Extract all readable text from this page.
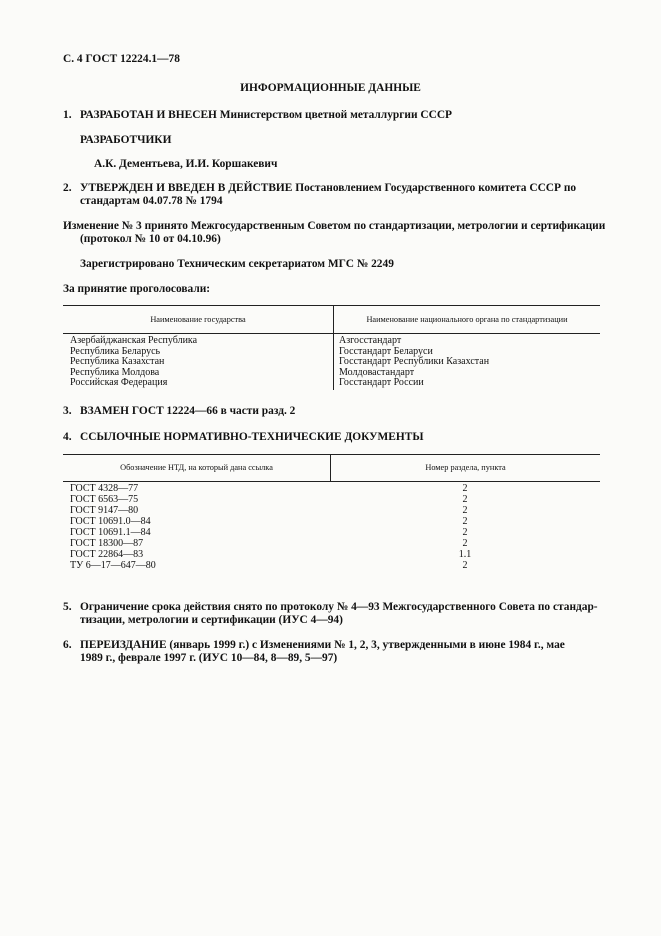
С. 4 ГОСТ 12224.1—78
ИНФОРМАЦИОННЫЕ ДАННЫЕ
1. РАЗРАБОТАН И ВНЕСЕН Министерством цветной металлургии СССР
РАЗРАБОТЧИКИ
А.К. Дементьева, И.И. Коршакевич
2. УТВЕРЖДЕН И ВВЕДЕН В ДЕЙСТВИЕ Постановлением Государственного комитета СССР по
стандартам 04.07.78 № 1794
Изменение № 3 принято Межгосударственным Советом по стандартизации, метрологии и сертификации
(протокол № 10 от 04.10.96)
Зарегистрировано Техническим секретариатом МГС № 2249
За принятие проголосовали:
Наименование государства	Наименование национального органа по стандартизации
Азербайджанская Республика
Республика Беларусь
Республика Казахстан
Республика Молдова
Российская Федерация
Азгосстандарт
Госстандарт Беларуси
Госстандарт Республики Казахстан
Молдовастандарт
Госстандарт России
3. ВЗАМЕН ГОСТ 12224—66 в части разд. 2
4. ССЫЛОЧНЫЕ НОРМАТИВНО-ТЕХНИЧЕСКИЕ ДОКУМЕНТЫ
Обозначение НТД, на который дана ссылка	Номер раздела, пункта
ГОСТ 4328—77
ГОСТ 6563—75
ГОСТ 9147—80
ГОСТ 10691.0—84
ГОСТ 10691.1—84
ГОСТ 18300—87
ГОСТ 22864—83
ТУ 6—17—647—80
2
2
2
2
2
2
1.1
2
5. Ограничение срока действия снято по протоколу № 4—93 Межгосударственного Совета по стандар-
тизации, метрологии и сертификации (ИУС 4—94)
6. ПЕРЕИЗДАНИЕ (январь 1999 г.) с Изменениями № 1, 2, 3, утвержденными в июне 1984 г., мае
1989 г., феврале 1997 г. (ИУС 10—84, 8—89, 5—97)
